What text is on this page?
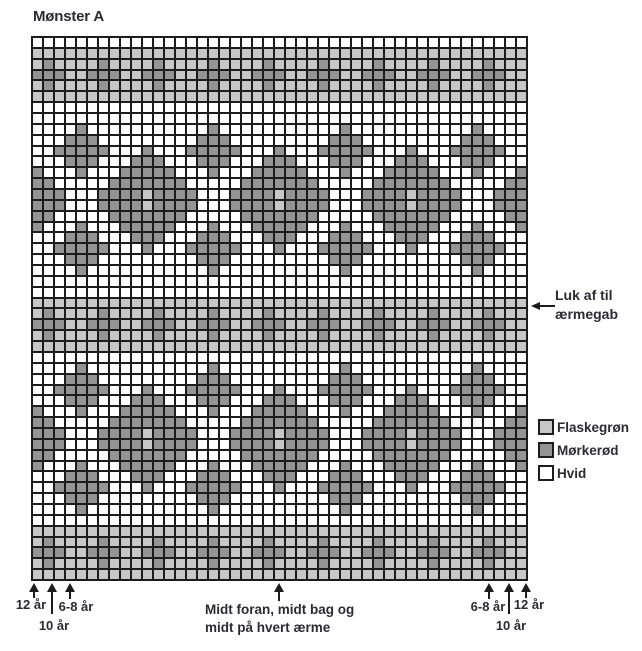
Mønster A
Luk af til
ærmegab
Flaskegrøn
Mørkerød
Hvid
12 år 6-8 år
10 år
Midt foran, midt bag og
midt på hvert ærme
6-8 år 12 år
10 år
